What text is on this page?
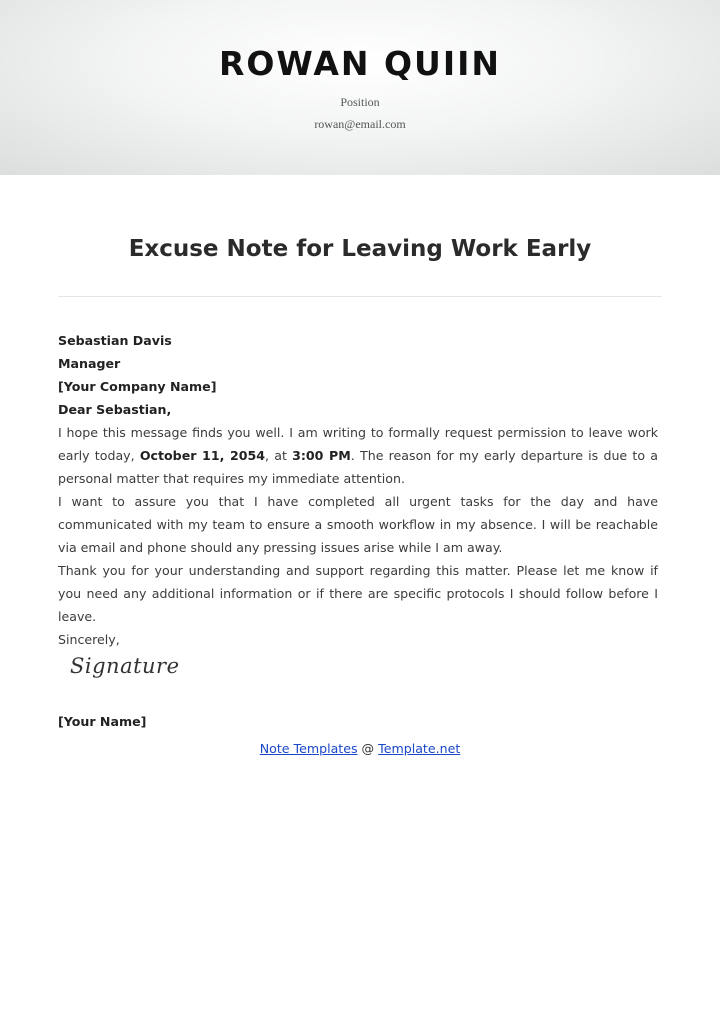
ROWAN QUIIN
Position
rowan@email.com
Excuse Note for Leaving Work Early

Sebastian Davis

Manager

[Your Company Name]

Dear Sebastian,

I hope this message finds you well. I am writing to formally request permission to leave work early today, October 11, 2054, at 3:00 PM. The reason for my early departure is due to a personal matter that requires my immediate attention.

I want to assure you that I have completed all urgent tasks for the day and have communicated with my team to ensure a smooth workflow in my absence. I will be reachable via email and phone should any pressing issues arise while I am away.

Thank you for your understanding and support regarding this matter. Please let me know if you need any additional information or if there are specific protocols I should follow before I leave.

Sincerely,

Signature
[Your Name]
Note Templates @ Template.net
